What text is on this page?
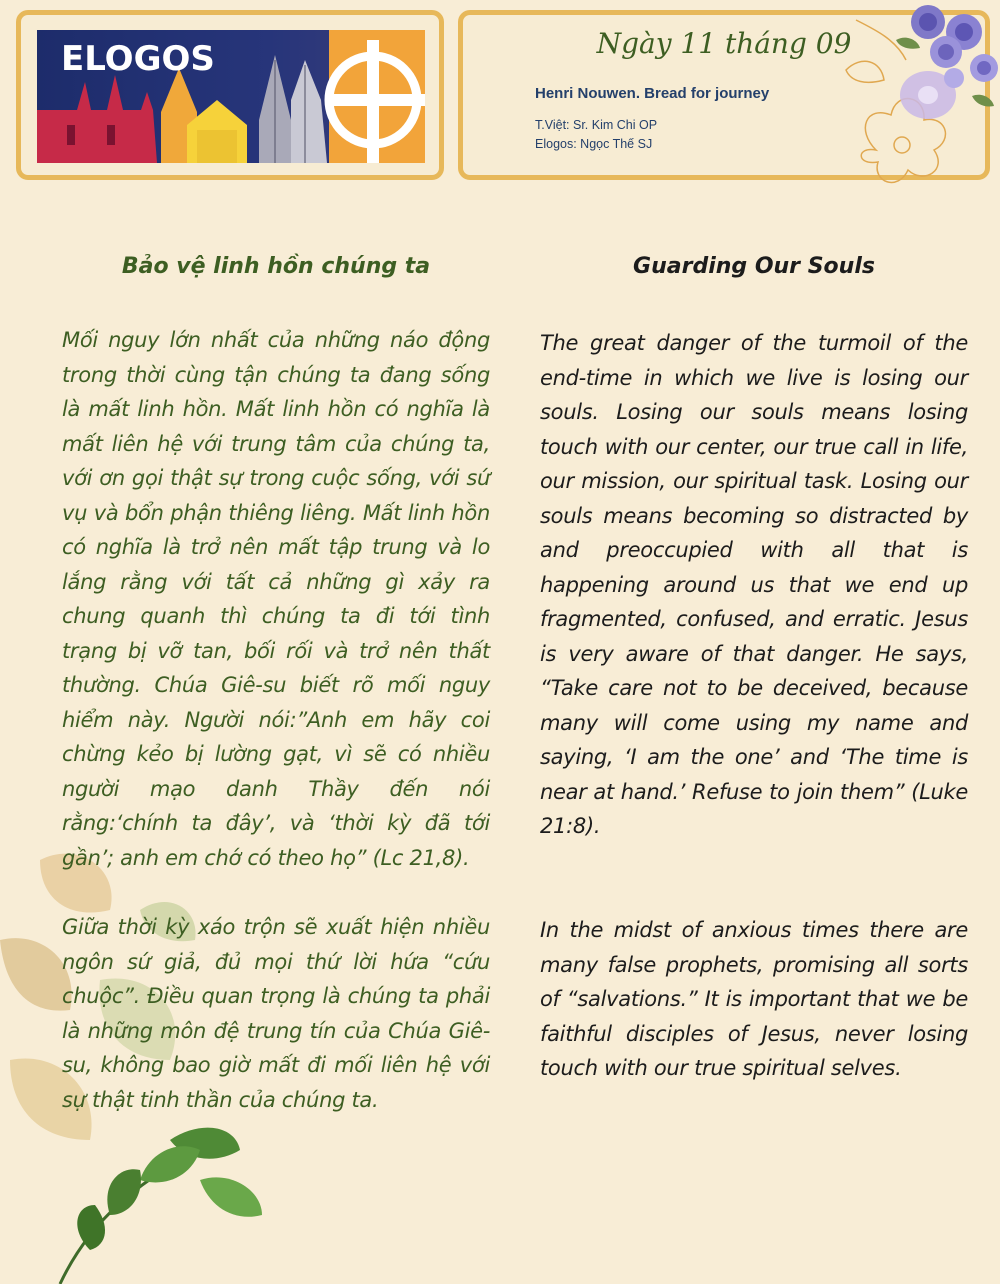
ELOGOS	Ngày 11 tháng 09
Henri Nouwen. Bread for journey
T.Việt: Sr. Kim Chi OP
Elogos: Ngọc Thế SJ
Bảo vệ linh hồn chúng ta
Mối nguy lớn nhất của những náo động trong thời cùng tận chúng ta đang sống là mất linh hồn. Mất linh hồn có nghĩa là mất liên hệ với trung tâm của chúng ta, với ơn gọi thật sự trong cuộc sống, với sứ vụ và bổn phận thiêng liêng. Mất linh hồn có nghĩa là trở nên mất tập trung và lo lắng rằng với tất cả những gì xảy ra chung quanh thì chúng ta đi tới tình trạng bị vỡ tan, bối rối và trở nên thất thường. Chúa Giê-su biết rõ mối nguy hiểm này. Người nói:”Anh em hãy coi chừng kẻo bị lường gạt, vì sẽ có nhiều người mạo danh Thầy đến nói rằng:‘chính ta đây’, và ‘thời kỳ đã tới gần’; anh em chớ có theo họ” (Lc 21,8).
Giữa thời kỳ xáo trộn sẽ xuất hiện nhiều ngôn sứ giả, đủ mọi thứ lời hứa “cứu chuộc”. Điều quan trọng là chúng ta phải là những môn đệ trung tín của Chúa Giê-su, không bao giờ mất đi mối liên hệ với sự thật tinh thần của chúng ta.
Guarding Our Souls
The great danger of the turmoil of the end-time in which we live is losing our souls. Losing our souls means losing touch with our center, our true call in life, our mission, our spiritual task. Losing our souls means becoming so distracted by and preoccupied with all that is happening around us that we end up fragmented, confused, and erratic. Jesus is very aware of that danger. He says, “Take care not to be deceived, because many will come using my name and saying, ‘I am the one’ and ‘The time is near at hand.’ Refuse to join them” (Luke 21:8).
In the midst of anxious times there are many false prophets, promising all sorts of “salvations.” It is important that we be faithful disciples of Jesus, never losing touch with our true spiritual selves.
